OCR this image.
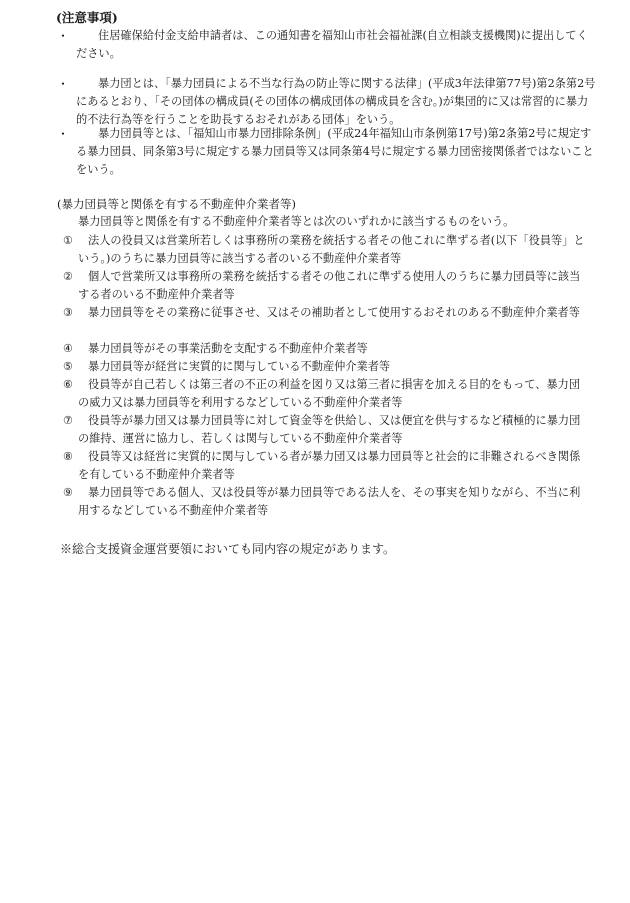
(注意事項)
・	住居確保給付金支給申請者は、この通知書を福知山市社会福祉課(自立相談支援機関)に提出してください。
・	暴力団とは、「暴力団員による不当な行為の防止等に関する法律」(平成3年法律第77号)第2条第2号にあるとおり、「その団体の構成員(その団体の構成団体の構成員を含む。)が集団的に又は常習的に暴力的不法行為等を行うことを助長するおそれがある団体」をいう。
・	暴力団員等とは、「福知山市暴力団排除条例」(平成24年福知山市条例第17号)第2条第2号に規定する暴力団員、同条第3号に規定する暴力団員等又は同条第4号に規定する暴力団密接関係者ではないことをいう。
(暴力団員等と関係を有する不動産仲介業者等)
暴力団員等と関係を有する不動産仲介業者等とは次のいずれかに該当するものをいう。
①	法人の役員又は営業所若しくは事務所の業務を統括する者その他これに準ずる者(以下「役員等」という。)のうちに暴力団員等に該当する者のいる不動産仲介業者等
②	個人で営業所又は事務所の業務を統括する者その他これに準ずる使用人のうちに暴力団員等に該当する者のいる不動産仲介業者等
③	暴力団員等をその業務に従事させ、又はその補助者として使用するおそれのある不動産仲介業者等
④	暴力団員等がその事業活動を支配する不動産仲介業者等
⑤	暴力団員等が経営に実質的に関与している不動産仲介業者等
⑥	役員等が自己若しくは第三者の不正の利益を図り又は第三者に損害を加える目的をもって、暴力団の威力又は暴力団員等を利用するなどしている不動産仲介業者等
⑦	役員等が暴力団又は暴力団員等に対して資金等を供給し、又は便宜を供与するなど積極的に暴力団の維持、運営に協力し、若しくは関与している不動産仲介業者等
⑧	役員等又は経営に実質的に関与している者が暴力団又は暴力団員等と社会的に非難されるべき関係を有している不動産仲介業者等
⑨	暴力団員等である個人、又は役員等が暴力団員等である法人を、その事実を知りながら、不当に利用するなどしている不動産仲介業者等
※総合支援資金運営要領においても同内容の規定があります。
